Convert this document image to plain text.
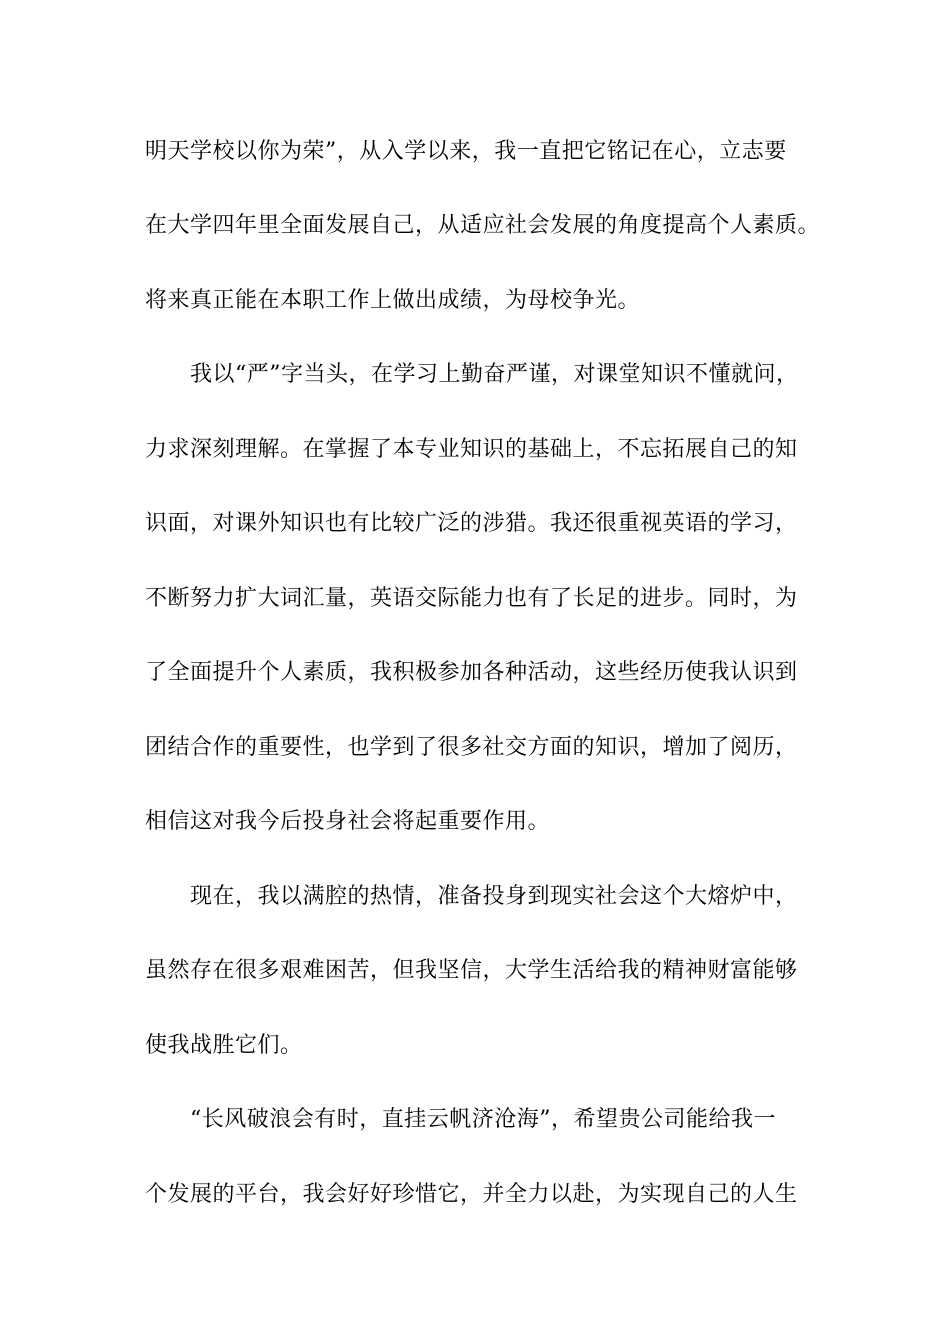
明天学校以你为荣”，从入学以来，我一直把它铭记在心，立志要
在大学四年里全面发展自己，从适应社会发展的角度提高个人素质。
将来真正能在本职工作上做出成绩，为母校争光。
　　我以“严”字当头，在学习上勤奋严谨，对课堂知识不懂就问，
力求深刻理解。在掌握了本专业知识的基础上，不忘拓展自己的知
识面，对课外知识也有比较广泛的涉猎。我还很重视英语的学习，
不断努力扩大词汇量，英语交际能力也有了长足的进步。同时，为
了全面提升个人素质，我积极参加各种活动，这些经历使我认识到
团结合作的重要性，也学到了很多社交方面的知识，增加了阅历，
相信这对我今后投身社会将起重要作用。
　　现在，我以满腔的热情，准备投身到现实社会这个大熔炉中，
虽然存在很多艰难困苦，但我坚信，大学生活给我的精神财富能够
使我战胜它们。
　　“长风破浪会有时，直挂云帆济沧海”，希望贵公司能给我一
个发展的平台，我会好好珍惜它，并全力以赴，为实现自己的人生
